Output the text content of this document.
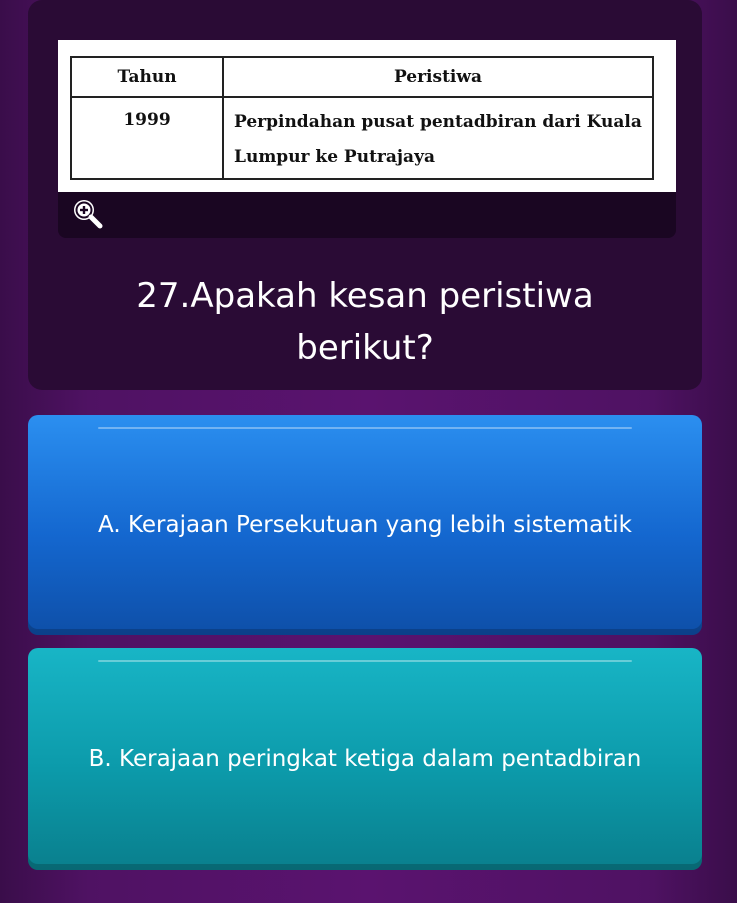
Tahun	Peristiwa
1999	Perpindahan pusat pentadbiran dari Kuala
Lumpur ke Putrajaya
27.Apakah kesan peristiwa
berikut?
A. Kerajaan Persekutuan yang lebih sistematik
B. Kerajaan peringkat ketiga dalam pentadbiran
